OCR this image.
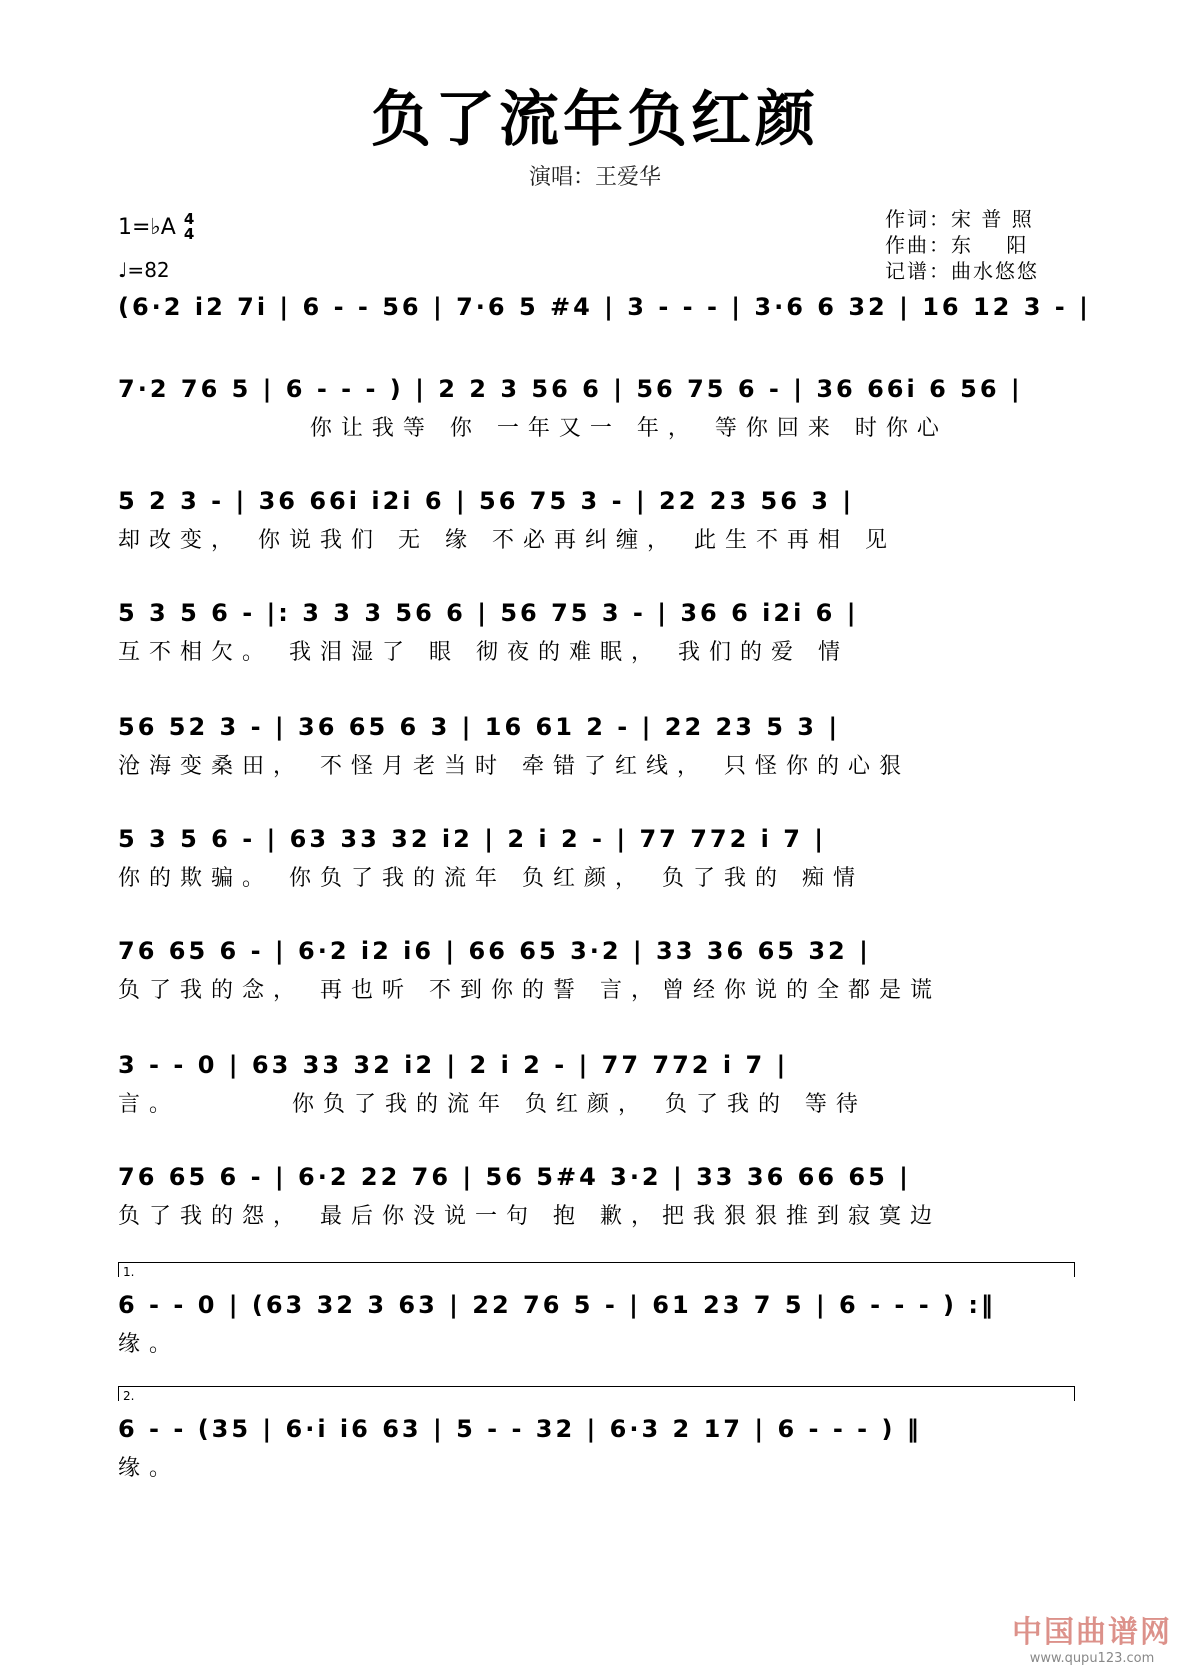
负了流年负红颜
演唱：王爱华
1=♭A 4
4
♩=82
作词：宋 普 照
作曲：东    阳
记谱：曲水悠悠
(6·2 i2 7i | 6 - - 56 | 7·6 5 #4 | 3 - - - | 3·6 6 32 | 16 12 3 - |
7·2 76 5 | 6 - - - ) | 2 2 3 56 6 | 56 75 6 - | 36 66i 6 56 |
你让我等 你 一年又一 年， 等你回来 时你心
5 2 3 - | 36 66i i2i 6 | 56 75 3 - | 22 23 56 3 |
却改变， 你说我们 无 缘 不必再纠缠， 此生不再相 见
5 3 5 6 - |: 3 3 3 56 6 | 56 75 3 - | 36 6 i2i 6 |
互不相欠。 我泪湿了 眼 彻夜的难眠， 我们的爱 情
56 52 3 - | 36 65 6 3 | 16 61 2 - | 22 23 5 3 |
沧海变桑田， 不怪月老当时 牵错了红线， 只怪你的心狠
5 3 5 6 - | 63 33 32 i2 | 2 i 2 - | 77 772 i 7 |
你的欺骗。 你负了我的流年 负红颜， 负了我的 痴情
76 65 6 - | 6·2 i2 i6 | 66 65 3·2 | 33 36 65 32 |
负了我的念， 再也听 不到你的誓 言，曾经你说的全都是谎
3 - - 0 | 63 33 32 i2 | 2 i 2 - | 77 772 i 7 |
言。       你负了我的流年 负红颜， 负了我的 等待
76 65 6 - | 6·2 22 76 | 56 5#4 3·2 | 33 36 66 65 |
负了我的怨， 最后你没说一句 抱 歉，把我狠狠推到寂寞边
1.
6 - - 0 | (63 32 3 63 | 22 76 5 - | 61 23 7 5 | 6 - - - ) :‖
缘。
2.
6 - - (35 | 6·i i6 63 | 5 - - 32 | 6·3 2 17 | 6 - - - ) ‖
缘。
中国曲谱网
www.qupu123.com
